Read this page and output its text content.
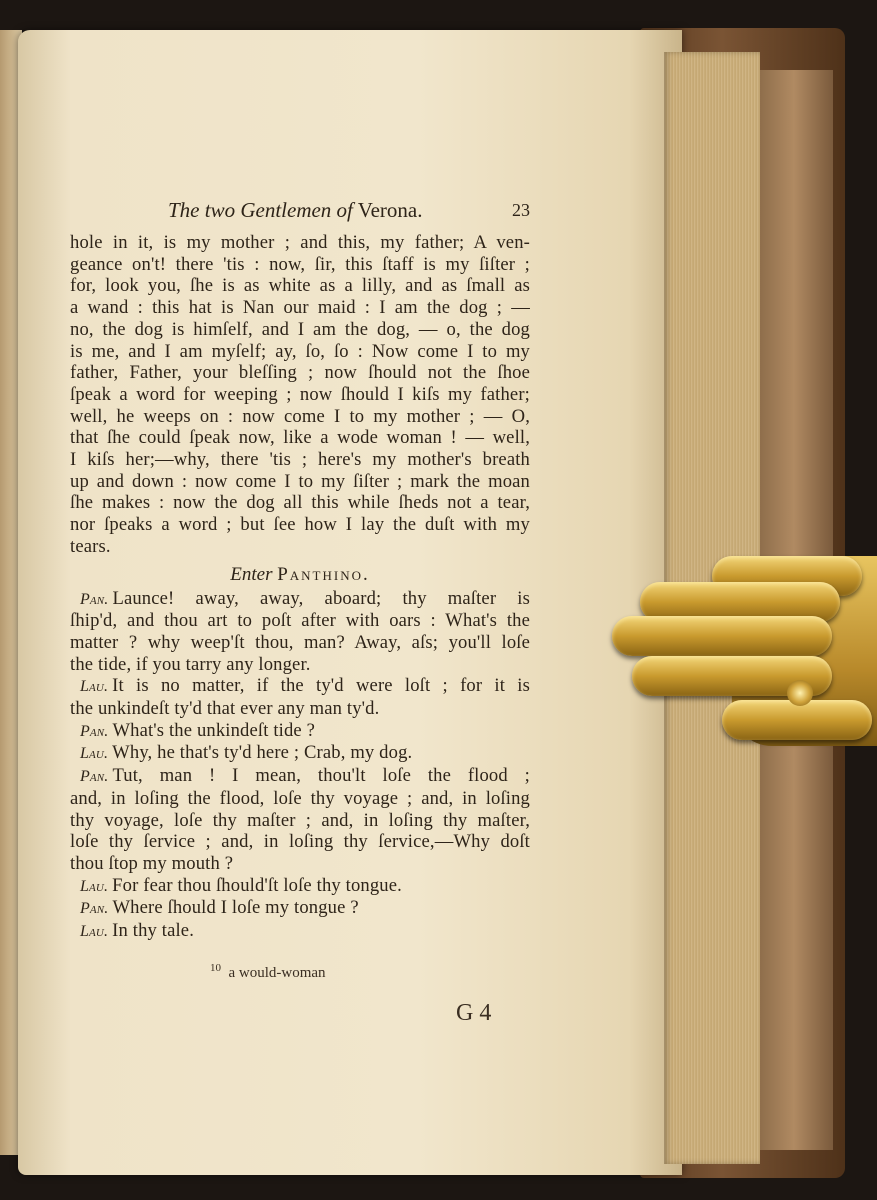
The two Gentlemen of Verona.	23
hole in it, is my mother ; and this, my father; A ven-
geance on't! there 'tis : now, ſir, this ſtaff is my ſiſter ;
for, look you, ſhe is as white as a lilly, and as ſmall as
a wand : this hat is Nan our maid : I am the dog ; —
no, the dog is himſelf, and I am the dog, — o, the dog
is me, and I am myſelf; ay, ſo, ſo : Now come I to my
father, Father, your bleſſing ; now ſhould not the ſhoe
ſpeak a word for weeping ; now ſhould I kiſs my father;
well, he weeps on : now come I to my mother ; — O,
that ſhe could ſpeak now, like a wode woman ! — well,
I kiſs her;—why, there 'tis ; here's my mother's breath
up and down : now come I to my ſiſter ; mark the moan
ſhe makes : now the dog all this while ſheds not a tear,
nor ſpeaks a word ; but ſee how I lay the duſt with my
tears.
Enter Panthino.
Pan. Launce! away, away, aboard; thy maſter is
ſhip'd, and thou art to poſt after with oars : What's the
matter ? why weep'ſt thou, man? Away, aſs; you'll loſe
the tide, if you tarry any longer.
Lau. It is no matter, if the ty'd were loſt ; for it is
the unkindeſt ty'd that ever any man ty'd.
Pan. What's the unkindeſt tide ?
Lau. Why, he that's ty'd here ; Crab, my dog.
Pan. Tut, man ! I mean, thou'lt loſe the flood ;
and, in loſing the flood, loſe thy voyage ; and, in loſing
thy voyage, loſe thy maſter ; and, in loſing thy maſter,
loſe thy ſervice ; and, in loſing thy ſervice,—Why doſt
thou ſtop my mouth ?
Lau. For fear thou ſhould'ſt loſe thy tongue.
Pan. Where ſhould I loſe my tongue ?
Lau. In thy tale.
$^{10}$ a would-woman
G 4
